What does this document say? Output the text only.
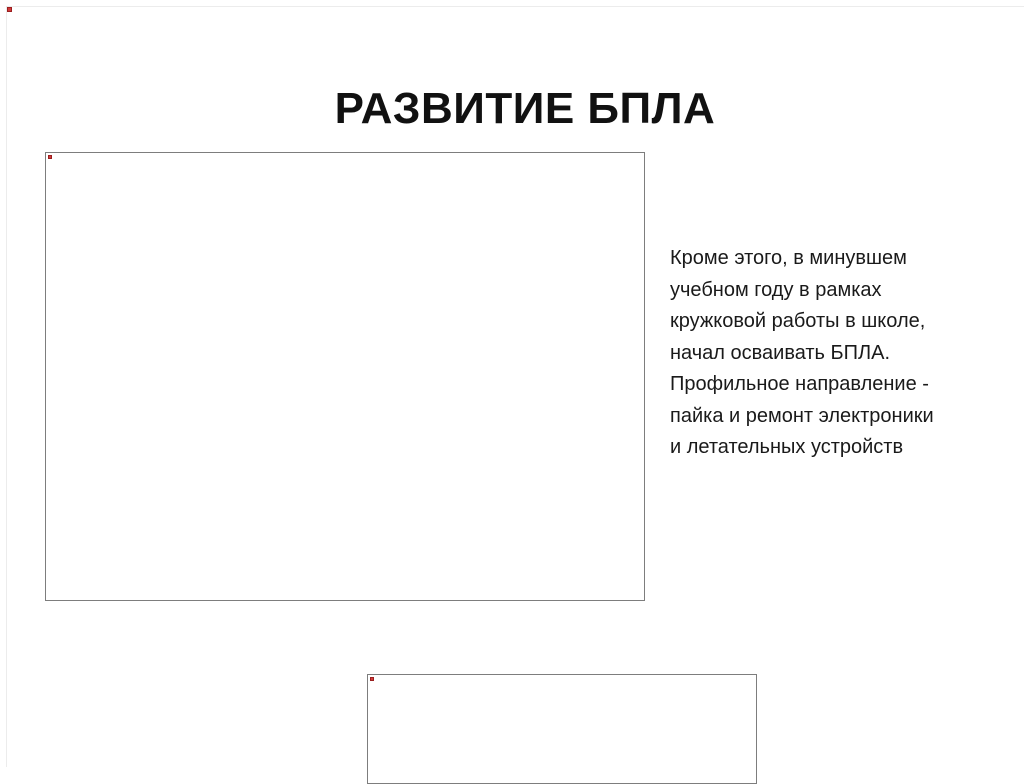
РАЗВИТИЕ БПЛА
Кроме этого, в минувшем
учебном году в рамках
кружковой работы в школе,
начал осваивать БПЛА.
Профильное направление -
пайка и ремонт электроники
и летательных устройств
